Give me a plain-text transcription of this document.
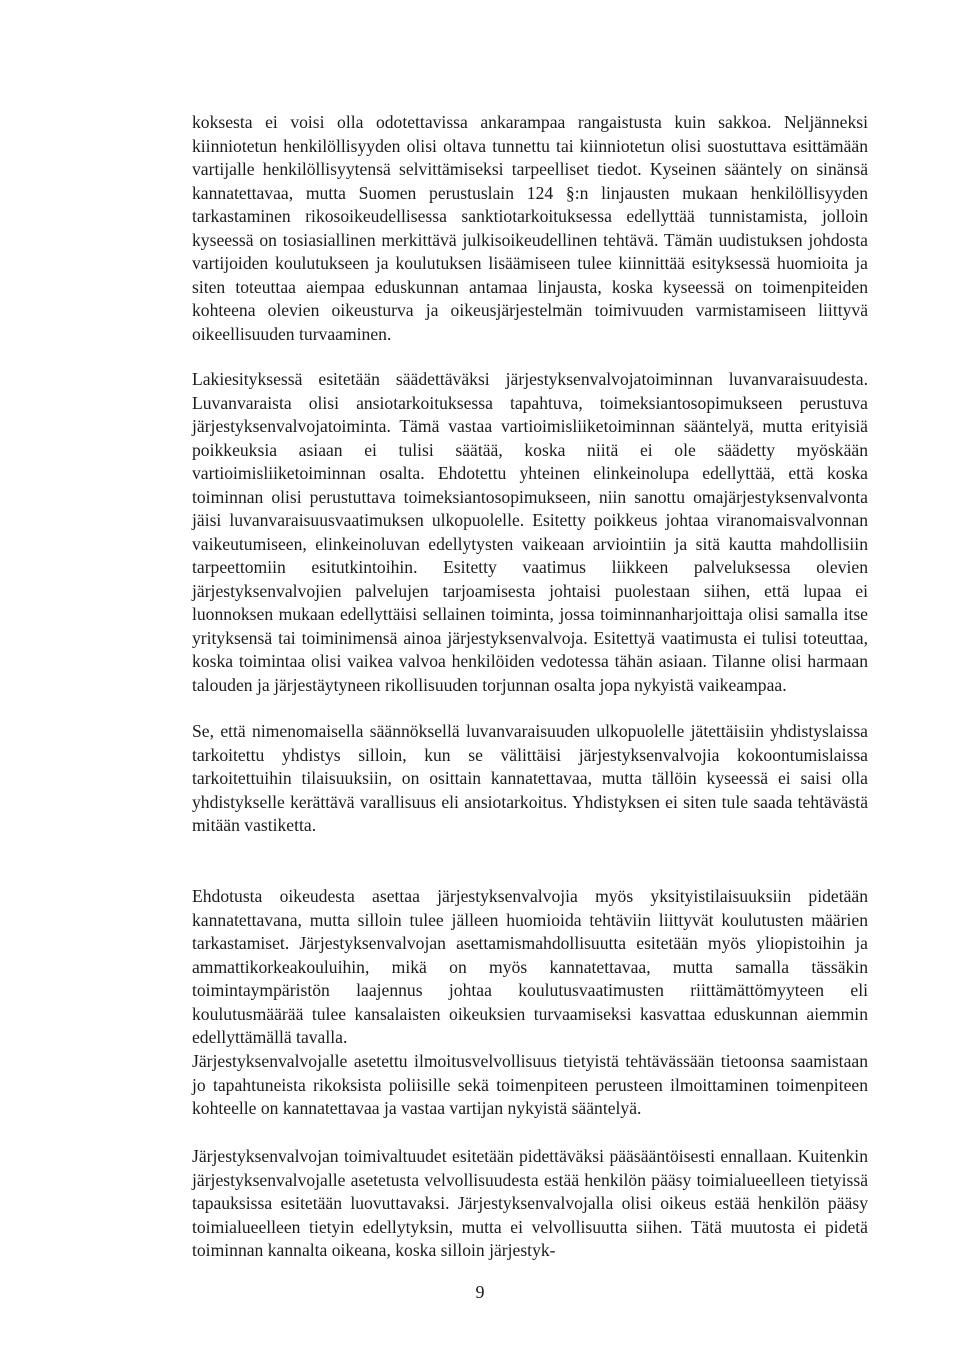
koksesta ei voisi olla odotettavissa ankarampaa rangaistusta kuin sakkoa. Neljänneksi kiinniotetun henkilöllisyyden olisi oltava tunnettu tai kiinniotetun olisi suostuttava esittämään vartijalle henkilöllisyytensä selvittämiseksi tarpeelliset tiedot. Kyseinen sääntely on sinänsä kannatettavaa, mutta Suomen perustuslain 124 §:n linjausten mukaan henkilöllisyyden tarkastaminen rikosoikeudellisessa sanktiotarkoituksessa edellyttää tunnistamista, jolloin kyseessä on tosiasiallinen merkittävä julkisoikeudellinen tehtävä. Tämän uudistuksen johdosta vartijoiden koulutukseen ja koulutuksen lisäämiseen tulee kiinnittää esityksessä huomioita ja siten toteuttaa aiempaa eduskunnan antamaa linjausta, koska kyseessä on toimenpiteiden kohteena olevien oikeusturva ja oikeusjärjestelmän toimivuuden varmistamiseen liittyvä oikeellisuuden turvaaminen.

Lakiesityksessä esitetään säädettäväksi järjestyksenvalvojatoiminnan luvanvaraisuudesta. Luvanvaraista olisi ansiotarkoituksessa tapahtuva, toimeksiantosopimukseen perustuva järjestyksenvalvojatoiminta. Tämä vastaa vartioimisliiketoiminnan sääntelyä, mutta erityisiä poikkeuksia asiaan ei tulisi säätää, koska niitä ei ole säädetty myöskään vartioimisliiketoiminnan osalta. Ehdotettu yhteinen elinkeinolupa edellyttää, että koska toiminnan olisi perustuttava toimeksiantosopimukseen, niin sanottu omajärjestyksenvalvonta jäisi luvanvaraisuusvaatimuksen ulkopuolelle. Esitetty poikkeus johtaa viranomaisvalvonnan vaikeutumiseen, elinkeinoluvan edellytysten vaikeaan arviointiin ja sitä kautta mahdollisiin tarpeettomiin esitutkintoihin. Esitetty vaatimus liikkeen palveluksessa olevien järjestyksenvalvojien palvelujen tarjoamisesta johtaisi puolestaan siihen, että lupaa ei luonnoksen mukaan edellyttäisi sellainen toiminta, jossa toiminnanharjoittaja olisi samalla itse yrityksensä tai toiminimensä ainoa järjestyksenvalvoja. Esitettyä vaatimusta ei tulisi toteuttaa, koska toimintaa olisi vaikea valvoa henkilöiden vedotessa tähän asiaan. Tilanne olisi harmaan talouden ja järjestäytyneen rikollisuuden torjunnan osalta jopa nykyistä vaikeampaa.

Se, että nimenomaisella säännöksellä luvanvaraisuuden ulkopuolelle jätettäisiin yhdistyslaissa tarkoitettu yhdistys silloin, kun se välittäisi järjestyksenvalvojia kokoontumislaissa tarkoitettuihin tilaisuuksiin, on osittain kannatettavaa, mutta tällöin kyseessä ei saisi olla yhdistykselle kerättävä varallisuus eli ansiotarkoitus. Yhdistyksen ei siten tule saada tehtävästä mitään vastiketta.

Ehdotusta oikeudesta asettaa järjestyksenvalvojia myös yksityistilaisuuksiin pidetään kannatettavana, mutta silloin tulee jälleen huomioida tehtäviin liittyvät koulutusten määrien tarkastamiset. Järjestyksenvalvojan asettamismahdollisuutta esitetään myös yliopistoihin ja ammattikorkeakouluihin, mikä on myös kannatettavaa, mutta samalla tässäkin toimintaympäristön laajennus johtaa koulutusvaatimusten riittämättömyyteen eli koulutusmäärää tulee kansalaisten oikeuksien turvaamiseksi kasvattaa eduskunnan aiemmin edellyttämällä tavalla.

Järjestyksenvalvojalle asetettu ilmoitusvelvollisuus tietyistä tehtävässään tietoonsa saamistaan jo tapahtuneista rikoksista poliisille sekä toimenpiteen perusteen ilmoittaminen toimenpiteen kohteelle on kannatettavaa ja vastaa vartijan nykyistä sääntelyä.

Järjestyksenvalvojan toimivaltuudet esitetään pidettäväksi pääsääntöisesti ennallaan. Kuitenkin järjestyksenvalvojalle asetetusta velvollisuudesta estää henkilön pääsy toimialueelleen tietyissä tapauksissa esitetään luovuttavaksi. Järjestyksenvalvojalla olisi oikeus estää henkilön pääsy toimialueelleen tietyin edellytyksin, mutta ei velvollisuutta siihen. Tätä muutosta ei pidetä toiminnan kannalta oikeana, koska silloin järjestyk-

9
